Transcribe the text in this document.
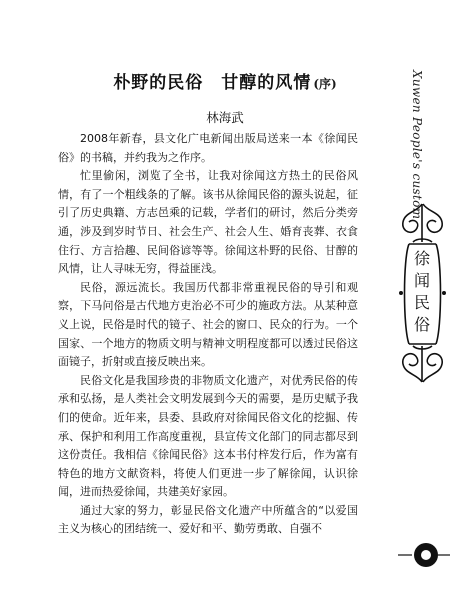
朴野的民俗　甘醇的风情 (序)
林海武

2008年新春，县文化广电新闻出版局送来一本《徐闻民俗》的书稿，并约我为之作序。

忙里偷闲，浏览了全书，让我对徐闻这方热土的民俗风情，有了一个粗线条的了解。该书从徐闻民俗的源头说起，征引了历史典籍、方志邑乘的记载，学者们的研讨，然后分类旁通，涉及到岁时节日、社会生产、社会人生、婚育丧葬、衣食住行、方言拾趣、民间俗谚等等。徐闻这朴野的民俗、甘醇的风情，让人寻味无穷，得益匪浅。

民俗，源远流长。我国历代都非常重视民俗的导引和观察，下马问俗是古代地方吏治必不可少的施政方法。从某种意义上说，民俗是时代的镜子、社会的窗口、民众的行为。一个国家、一个地方的物质文明与精神文明程度都可以透过民俗这面镜子，折射或直接反映出来。

民俗文化是我国珍贵的非物质文化遗产，对优秀民俗的传承和弘扬，是人类社会文明发展到今天的需要，是历史赋予我们的使命。近年来，县委、县政府对徐闻民俗文化的挖掘、传承、保护和利用工作高度重视，县宣传文化部门的同志都尽到这份责任。我相信《徐闻民俗》这本书付梓发行后，作为富有特色的地方文献资料，将使人们更进一步了解徐闻，认识徐闻，进而热爱徐闻，共建美好家园。

通过大家的努力，彰显民俗文化遗产中所蕴含的“以爱国主义为核心的团结统一、爱好和平、勤劳勇敢、自强不

Xuwen People's custom
徐
闻
民
俗
